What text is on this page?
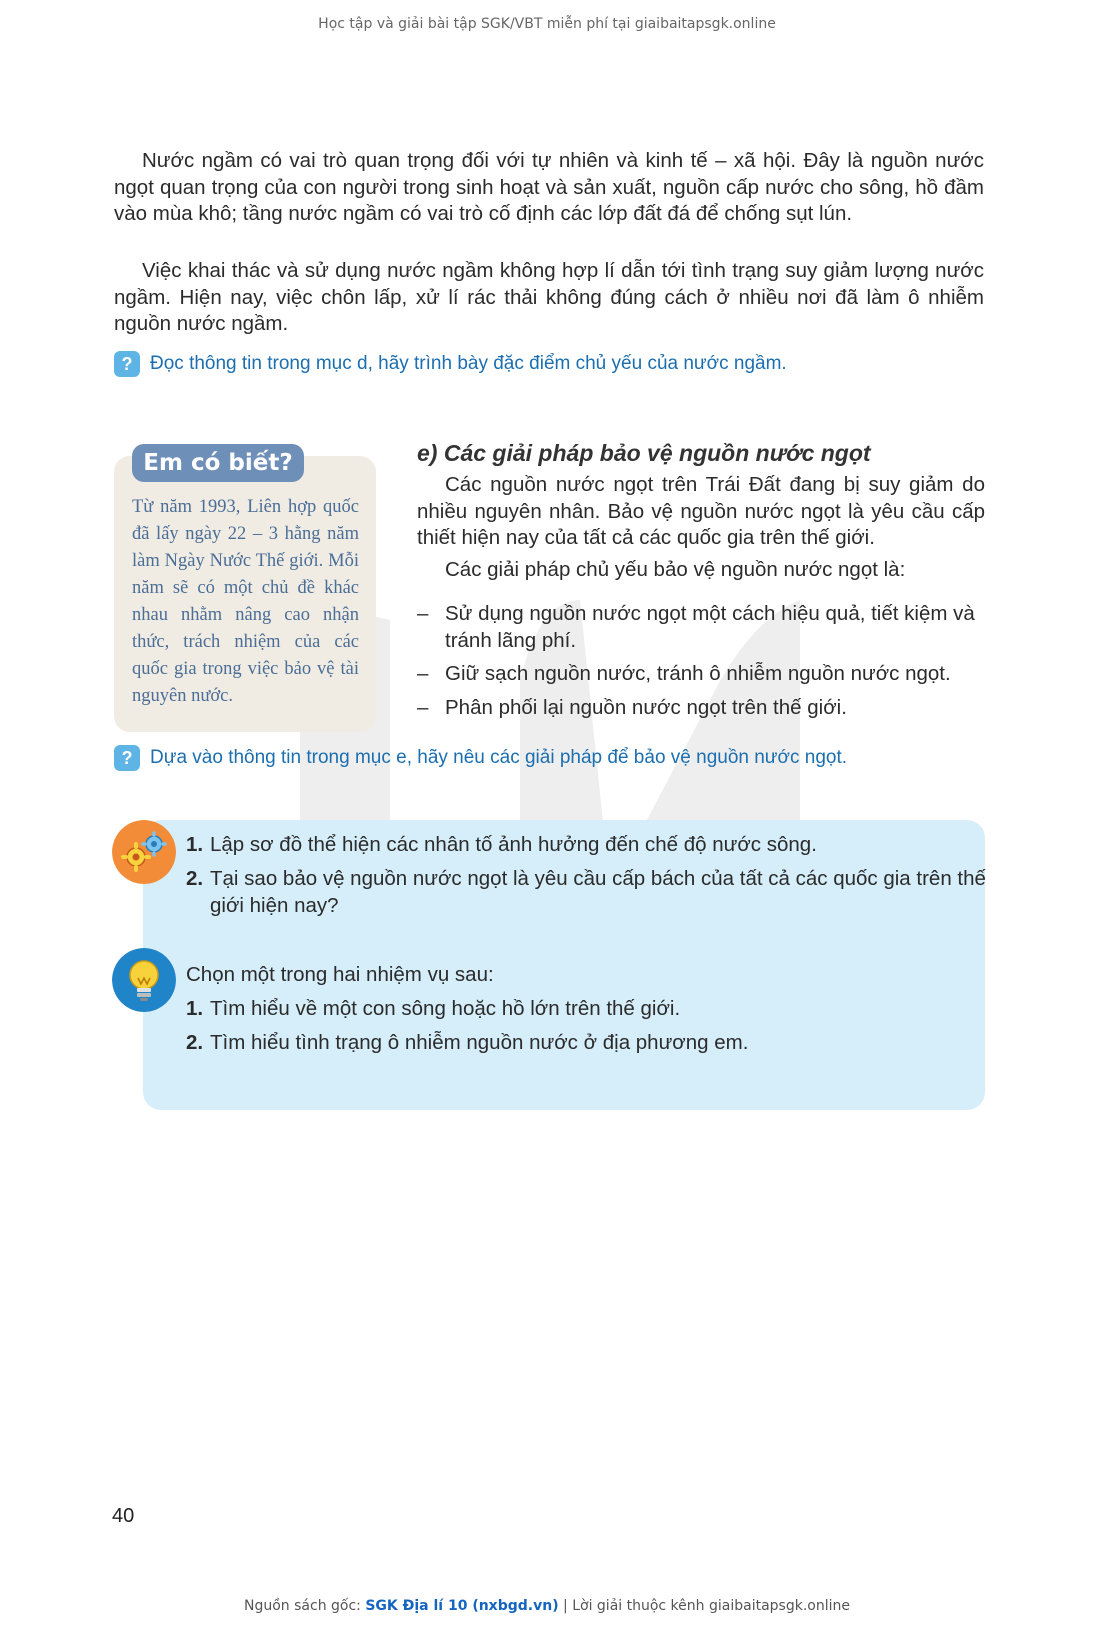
Học tập và giải bài tập SGK/VBT miễn phí tại giaibaitapsgk.online

Nước ngầm có vai trò quan trọng đối với tự nhiên và kinh tế – xã hội. Đây là nguồn nước ngọt quan trọng của con người trong sinh hoạt và sản xuất, nguồn cấp nước cho sông, hồ đầm vào mùa khô; tầng nước ngầm có vai trò cố định các lớp đất đá để chống sụt lún.

Việc khai thác và sử dụng nước ngầm không hợp lí dẫn tới tình trạng suy giảm lượng nước ngầm. Hiện nay, việc chôn lấp, xử lí rác thải không đúng cách ở nhiều nơi đã làm ô nhiễm nguồn nước ngầm.

? Đọc thông tin trong mục d, hãy trình bày đặc điểm chủ yếu của nước ngầm.
Em có biết?

Từ năm 1993, Liên hợp quốc đã lấy ngày 22 – 3 hằng năm làm Ngày Nước Thế giới. Mỗi năm sẽ có một chủ đề khác nhau nhằm nâng cao nhận thức, trách nhiệm của các quốc gia trong việc bảo vệ tài nguyên nước.

e) Các giải pháp bảo vệ nguồn nước ngọt

Các nguồn nước ngọt trên Trái Đất đang bị suy giảm do nhiều nguyên nhân. Bảo vệ nguồn nước ngọt là yêu cầu cấp thiết hiện nay của tất cả các quốc gia trên thế giới.

Các giải pháp chủ yếu bảo vệ nguồn nước ngọt là:

– Sử dụng nguồn nước ngọt một cách hiệu quả, tiết kiệm và tránh lãng phí.
– Giữ sạch nguồn nước, tránh ô nhiễm nguồn nước ngọt.
– Phân phối lại nguồn nước ngọt trên thế giới.
? Dựa vào thông tin trong mục e, hãy nêu các giải pháp để bảo vệ nguồn nước ngọt.
1. Lập sơ đồ thể hiện các nhân tố ảnh hưởng đến chế độ nước sông.
2. Tại sao bảo vệ nguồn nước ngọt là yêu cầu cấp bách của tất cả các quốc gia trên thế giới hiện nay?
Chọn một trong hai nhiệm vụ sau:
1. Tìm hiểu về một con sông hoặc hồ lớn trên thế giới.
2. Tìm hiểu tình trạng ô nhiễm nguồn nước ở địa phương em.
40
Nguồn sách gốc: SGK Địa lí 10 (nxbgd.vn) | Lời giải thuộc kênh giaibaitapsgk.online
